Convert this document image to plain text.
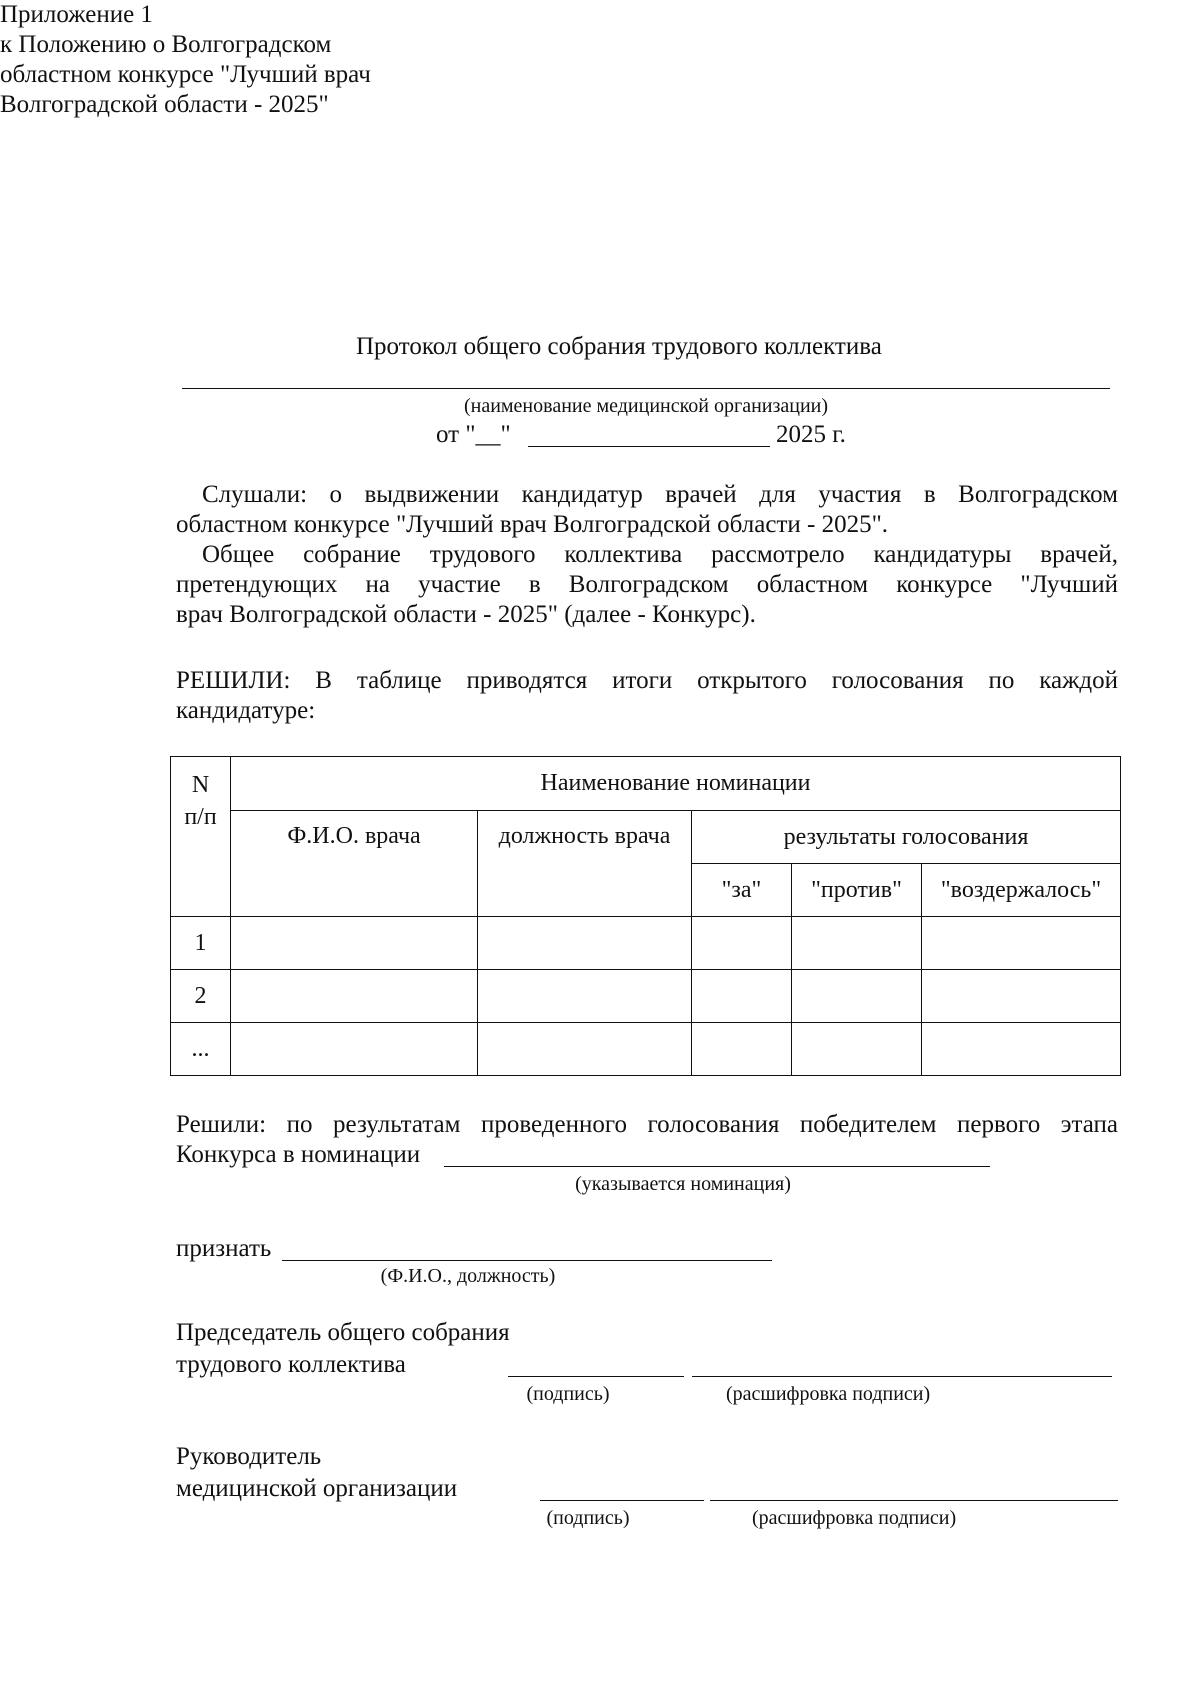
Приложение 1
к Положению о Волгоградском
областном конкурсе "Лучший врач
Волгоградской области - 2025"
Протокол общего собрания трудового коллектива
(наименование медицинской организации)
от "__"	2025 г.
Слушали: о выдвижении кандидатур врачей для участия в Волгоградском
областном конкурсе "Лучший врач Волгоградской области - 2025".
Общее собрание трудового коллектива рассмотрело кандидатуры врачей,
претендующих на участие в Волгоградском областном конкурсе "Лучший
врач Волгоградской области - 2025" (далее - Конкурс).
РЕШИЛИ: В таблице приводятся итоги открытого голосования по каждой
кандидатуре:
N п/п	Наименование номинации				
	Ф.И.О. врача	должность врача	результаты голосования		
			"за"	"против"	"воздержалось"
1					
2					
...					
Решили: по результатам проведенного голосования победителем первого этапа
Конкурса в номинации
(указывается номинация)
признать
(Ф.И.О., должность)
Председатель общего собрания
трудового коллектива
(подпись)	(расшифровка подписи)
Руководитель
медицинской организации
(подпись)	(расшифровка подписи)
